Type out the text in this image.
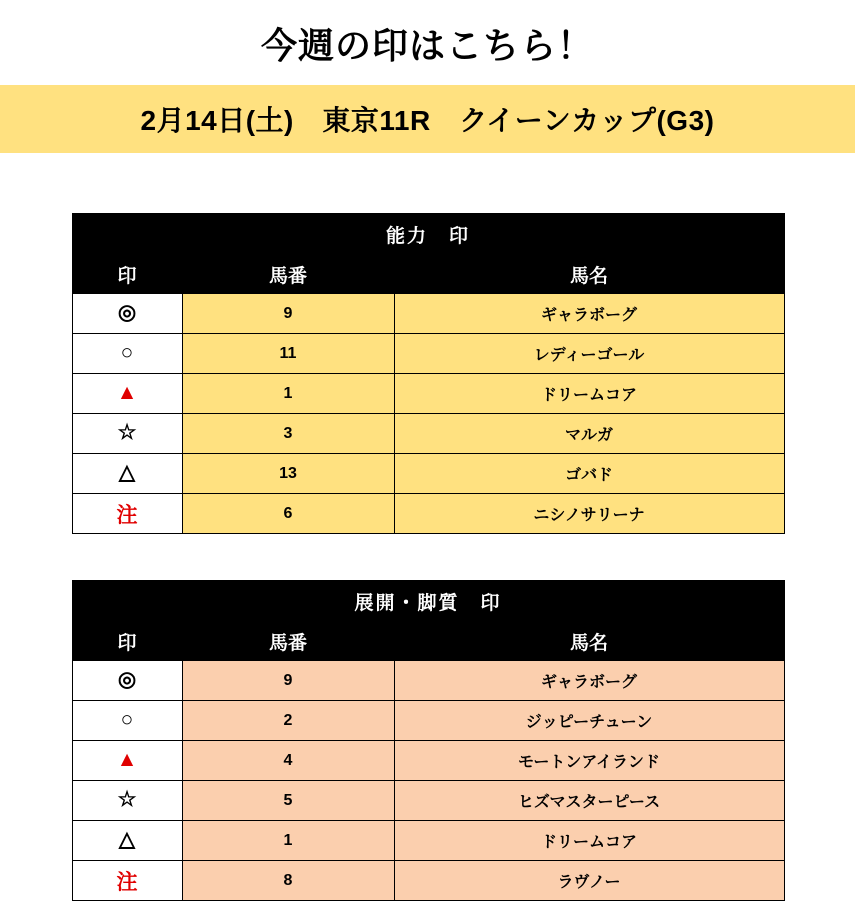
今週の印はこちら！
2月14日(土)　東京11R　クイーンカップ(G3)
能力　印		
印	馬番	馬名
◎	9	ギャラボーグ
○	11	レディーゴール
▲	1	ドリームコア
☆	3	マルガ
△	13	ゴバド
注	6	ニシノサリーナ
展開・脚質　印		
印	馬番	馬名
◎	9	ギャラボーグ
○	2	ジッピーチューン
▲	4	モートンアイランド
☆	5	ヒズマスターピース
△	1	ドリームコア
注	8	ラヴノー
